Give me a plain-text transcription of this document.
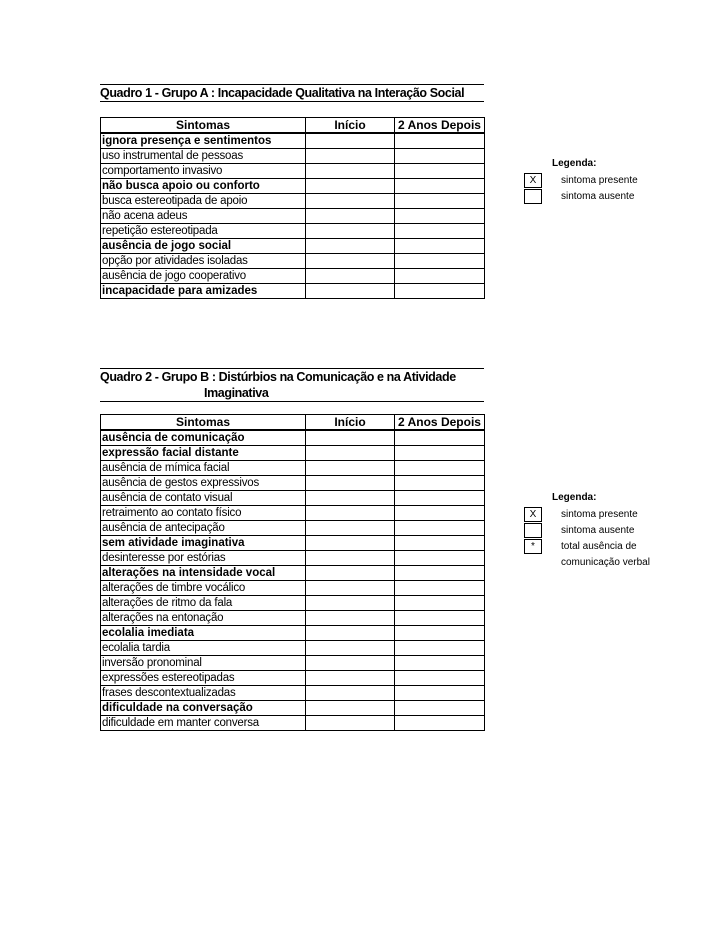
Quadro 1 - Grupo A : Incapacidade Qualitativa na Interação Social
Sintomas	Início	2 Anos Depois
ignora presença e sentimentos		
uso instrumental de pessoas		
comportamento invasivo		
não busca apoio ou conforto		
busca estereotipada de apoio		
não acena adeus		
repetição estereotipada		
ausência de jogo social		
opção por atividades isoladas		
ausência de jogo cooperativo		
incapacidade para amizades		
Legenda:
X	sintoma presente
sintoma ausente
Quadro 2 - Grupo B : Distúrbios na Comunicação e na Atividade
Imaginativa
Sintomas	Início	2 Anos Depois
ausência de comunicação		
expressão facial distante		
ausência de mímica facial		
ausência de gestos expressivos		
ausência de contato visual		
retraimento ao contato físico		
ausência de antecipação		
sem atividade imaginativa		
desinteresse por estórias		
alterações na intensidade vocal		
alterações de timbre vocálico		
alterações de ritmo da fala		
alterações na entonação		
ecolalia imediata		
ecolalia tardia		
inversão pronominal		
expressões estereotipadas		
frases descontextualizadas		
dificuldade na conversação		
dificuldade em manter conversa		
Legenda:
X	sintoma presente
sintoma ausente
*	total ausência de
comunicação verbal
